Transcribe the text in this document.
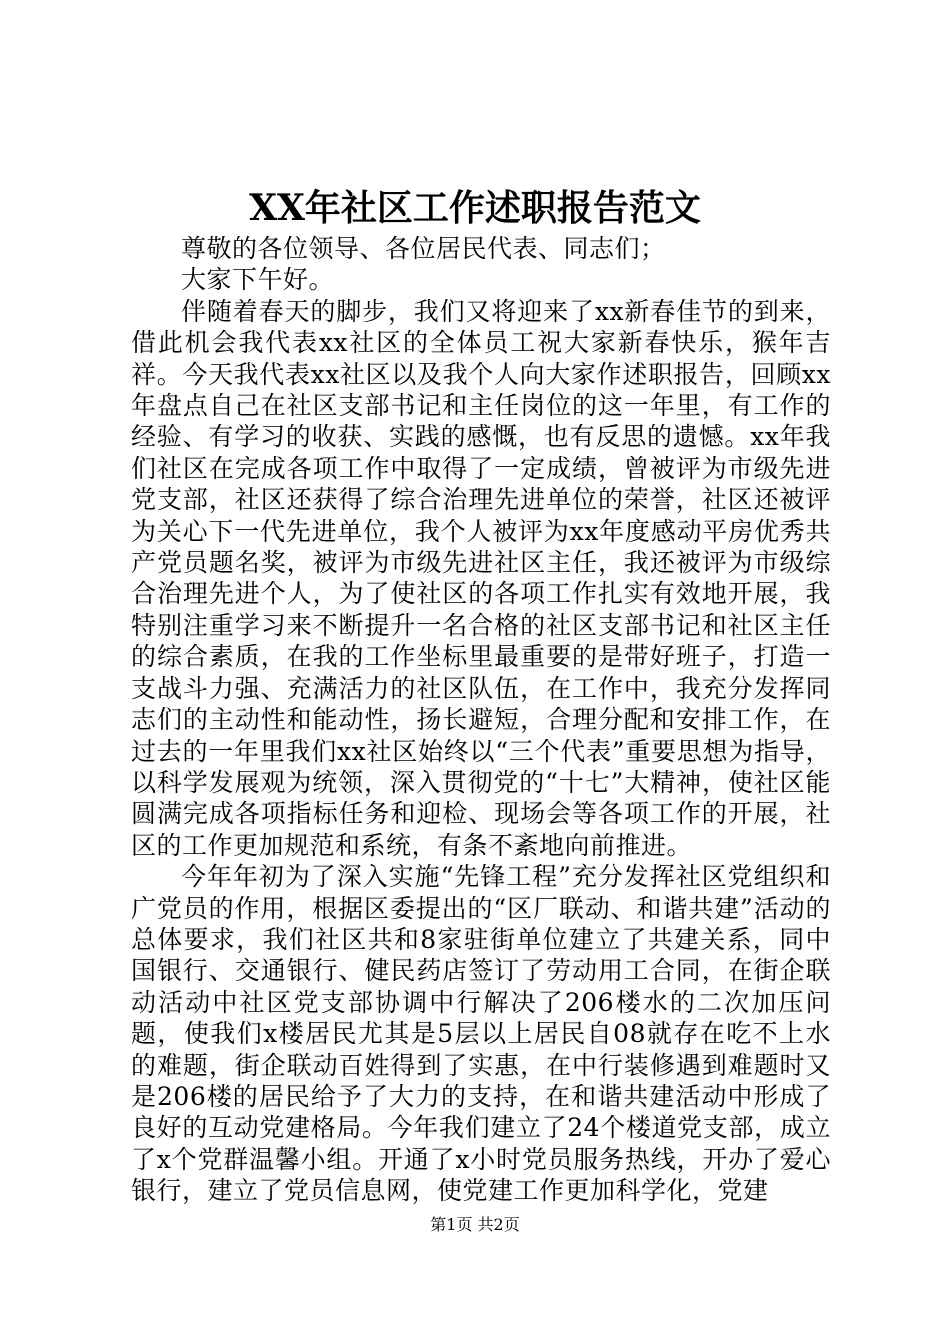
XX年社区工作述职报告范文

尊敬的各位领导、各位居民代表、同志们；

大家下午好。

伴随着春天的脚步，我们又将迎来了xx新春佳节的到来，借此机会我代表xx社区的全体员工祝大家新春快乐，猴年吉祥。今天我代表xx社区以及我个人向大家作述职报告，回顾xx年盘点自己在社区支部书记和主任岗位的这一年里，有工作的经验、有学习的收获、实践的感慨，也有反思的遗憾。xx年我们社区在完成各项工作中取得了一定成绩，曾被评为市级先进党支部，社区还获得了综合治理先进单位的荣誉，社区还被评为关心下一代先进单位，我个人被评为xx年度感动平房优秀共产党员题名奖，被评为市级先进社区主任，我还被评为市级综合治理先进个人，为了使社区的各项工作扎实有效地开展，我特别注重学习来不断提升一名合格的社区支部书记和社区主任的综合素质，在我的工作坐标里最重要的是带好班子，打造一支战斗力强、充满活力的社区队伍，在工作中，我充分发挥同志们的主动性和能动性，扬长避短，合理分配和安排工作，在过去的一年里我们xx社区始终以“三个代表”重要思想为指导，以科学发展观为统领，深入贯彻党的“十七”大精神，使社区能圆满完成各项指标任务和迎检、现场会等各项工作的开展，社区的工作更加规范和系统，有条不紊地向前推进。

今年年初为了深入实施“先锋工程”充分发挥社区党组织和广党员的作用，根据区委提出的“区厂联动、和谐共建”活动的总体要求，我们社区共和8家驻街单位建立了共建关系，同中国银行、交通银行、健民药店签订了劳动用工合同，在街企联动活动中社区党支部协调中行解决了206楼水的二次加压问题，使我们x楼居民尤其是5层以上居民自08就存在吃不上水的难题，街企联动百姓得到了实惠，在中行装修遇到难题时又是206楼的居民给予了大力的支持，在和谐共建活动中形成了良好的互动党建格局。今年我们建立了24个楼道党支部，成立了x个党群温馨小组。开通了x小时党员服务热线，开办了爱心银行，建立了党员信息网，使党建工作更加科学化，党建

第1页 共2页
